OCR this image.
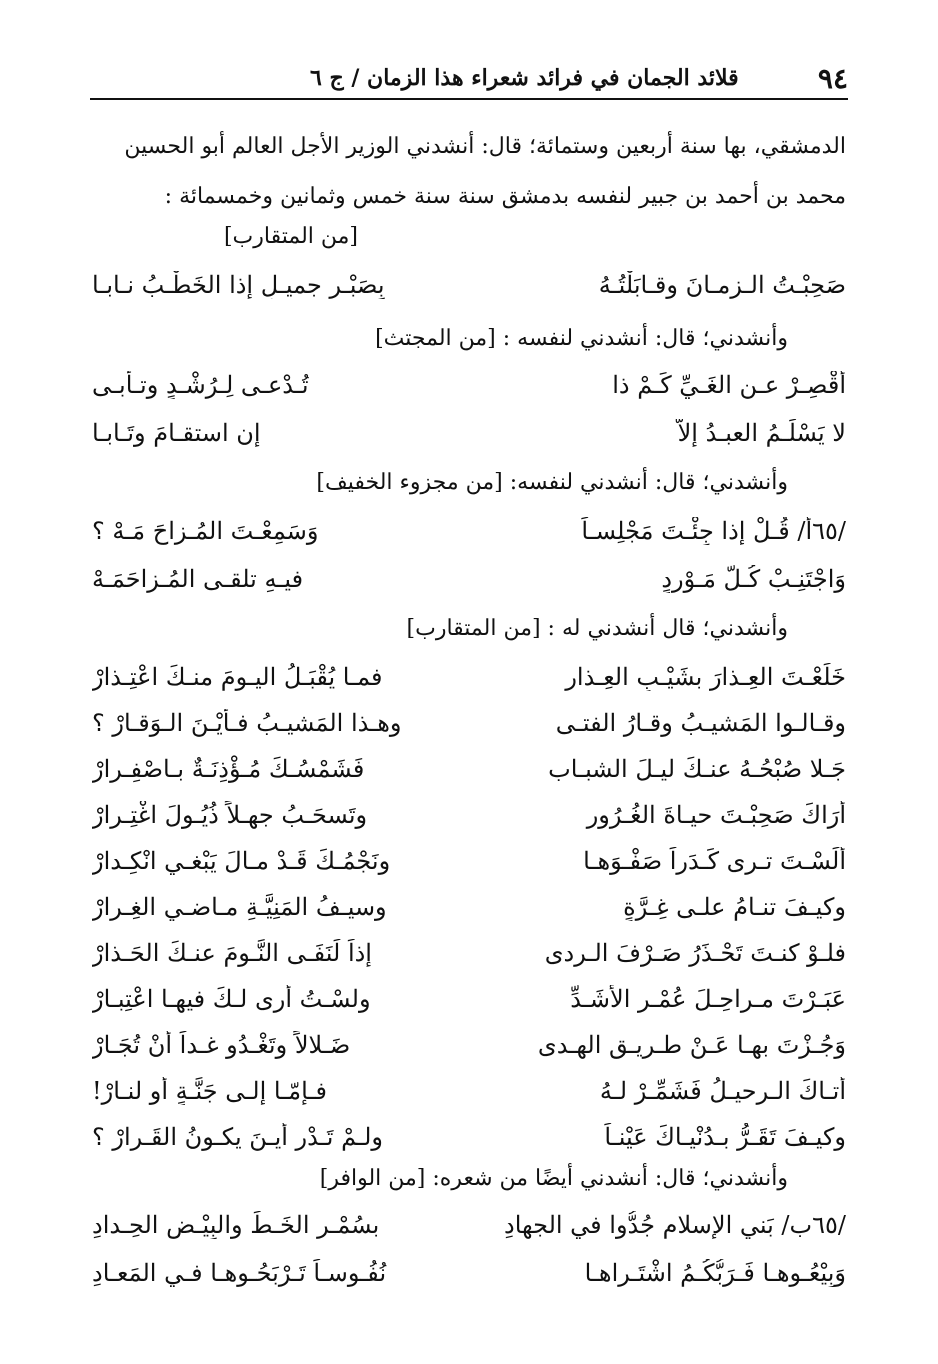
٩٤
قلائد الجمان في فرائد شعراء هذا الزمان / ج ٦
الدمشقي، بها سنة أربعين وستمائة؛ قال: أنشدني الوزير الأجل العالم أبو الحسين
محمد بن أحمد بن جبير لنفسه بدمشق سنة سنة خمس وثمانين وخمسمائة :
[من المتقارب]
صَحِبْـتُ الـزمـانَ وقـابَلْتُـهُ
بِصَبْـرٍ جميـلٍ إذا الخَطْـبُ نـابـا
وأنشدني؛ قال: أنشدني لنفسه : [من المجتث]
أَقْصِـرْ عـنِ الغَـيِّ كَـمْ ذا
تُـدْعـى لِـرُشْـدٍ وتـأبـى
لا يَسْلَـمُ العبـدُ إلاّ
إن استقـامَ وتَـابـا
وأنشدني؛ قال: أنشدني لنفسه: [من مجزوء الخفيف]
/٦٥أ/ قُـلْ إذا جِئْـتَ مَجْلِسـاً
وَسَمِعْـتَ المُـزاحَ مَـهْ ؟
وَاجْتَنِـبْ كُـلَّ مَـوْرِدٍ
فيـهِ تلقـى المُـزاحَمَـهْ
وأنشدني؛ قال أنشدني له : [من المتقارب]
خَلَعْـتَ العِـذارَ بشَيْـبِ العِـذار
فمـا يُقْبَـلُ اليـومَ منـكَ اعْتِـذارْ
وقـالـوا المَشيـبُ وقـارُ الفتـى
وهـذا المَشيـبُ فـأَيْـنَ الـوَقـارْ ؟
جَـلا صُبْحُـهُ عنـكَ ليـلَ الشبـاب
فَشَمْسُـكَ مُـؤْذِنَـةٌ بـاصْفِـرارْ
أَرَاكَ صَحِبْـتَ حيـاةَ الغُـرُور
وتَسحَـبُ جهـلاً ذُيُـولَ اغْتِـرارْ
أَلَسْـتَ تـرى كَـدَراً صَفْـوَهـا
ونَجْمُـكَ قَـدْ مـالَ يَبْغـي انْكِـدارْ
وكيـفَ تنـامُ علـى غِـرَّةٍ
وسيـفُ المَنِيَّـةِ مـاضـي الغِـرارْ
فلـوْ كنـتَ تَحْـذَرُ صَـرْفَ الـردى
إذاً لَنَفَـى النَّـومَ عنـكَ الحَـذارْ
عَبَـرْتَ مـراحِـلَ عُمْـرٍ الأشَـدِّ
ولسْـتُ أرى لـكَ فيهـا اعْتِبـارْ
وَجُـزْتَ بهـا عَـنْ طـريـقِ الهـدى
ضَـلالاً وتَغْـدُو غـداً أَنْ تُجَـارْ
أتـاكَ الـرحيـلُ فَشَمِّـرْ لـهُ
فـإمّـا إلـى جَنَّـةٍ أو لنـارْ!
وكيـفَ تَقَـرُّ بـدُنْيـاكَ عَيْنـاً
ولـمْ تَـدْرِ أيـنَ يكـونُ القَـرارْ ؟
وأنشدني؛ قال: أنشدني أيضًا من شعره: [من الوافر]
/٦٥ب/ بَني الإسلامِ جُدُّوا في الجهادِ
بسُمْـرِ الخَـطِّ والبِيْـضِ الحِـدادِ
وَبِيْعُـوهـا فَـرَبُّكُـمُ اشْتَـراهـا
نُفُـوسـاً تَـرْبَحُـوهـا فـي المَعـادِ
